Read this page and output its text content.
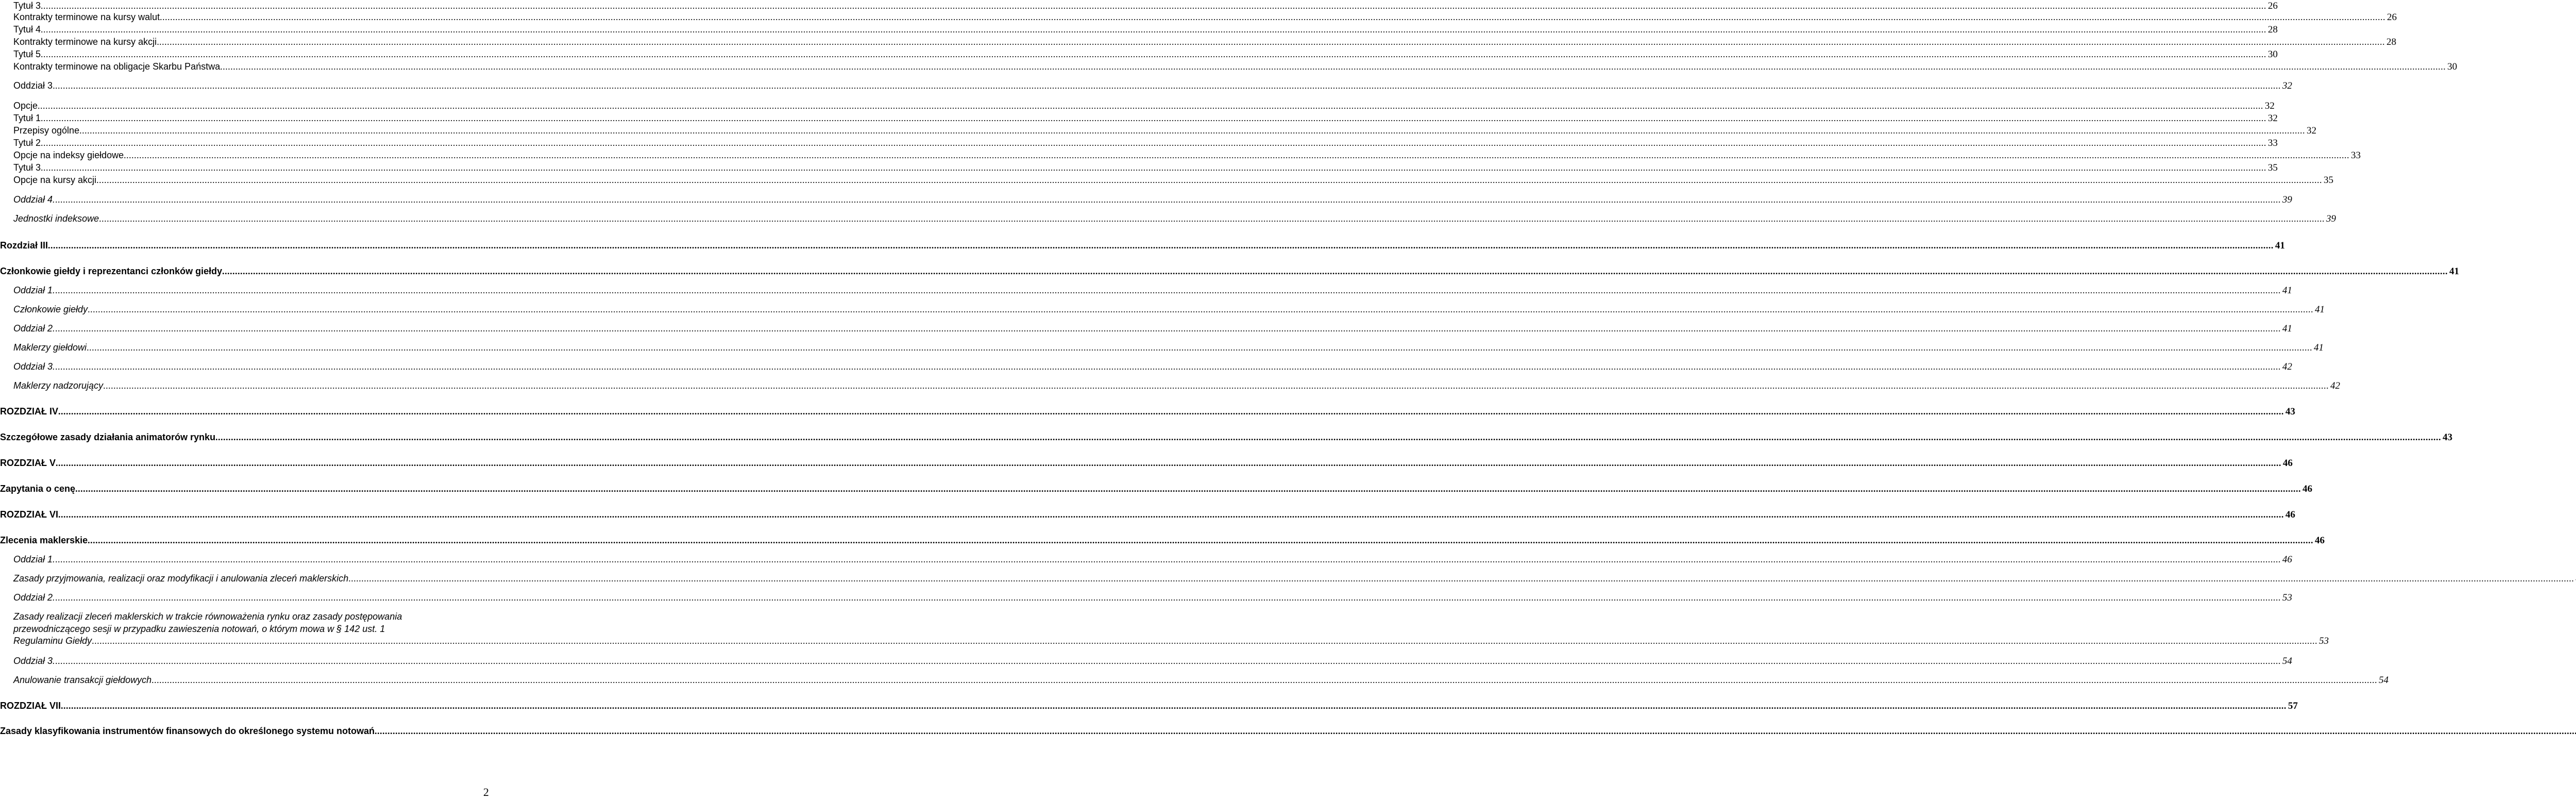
Tytuł 3 .....	26
Kontrakty terminowe na kursy walut .....	26
Tytuł 4 .....	28
Kontrakty terminowe na kursy akcji. .....	28
Tytuł 5 .....	30
Kontrakty terminowe na obligacje Skarbu Państwa .....	30
Oddział 3. .....	32
Opcje .....	32
Tytuł 1 .....	32
Przepisy ogólne .....	32
Tytuł 2 .....	33
Opcje na indeksy giełdowe .....	33
Tytuł 3 .....	35
Opcje na kursy akcji .....	35
Oddział 4. .....	39
Jednostki indeksowe .....	39
Rozdział III .....	41
Członkowie giełdy i reprezentanci członków giełdy .....	41
Oddział 1. .....	41
Członkowie giełdy .....	41
Oddział 2. .....	41
Maklerzy giełdowi .....	41
Oddział 3. .....	42
Maklerzy nadzorujący .....	42
ROZDZIAŁ IV .....	43
Szczegółowe zasady działania animatorów rynku .....	43
ROZDZIAŁ V .....	46
Zapytania o cenę .....	46
ROZDZIAŁ VI .....	46
Zlecenia maklerskie .....	46
Oddział 1. .....	46
Zasady przyjmowania, realizacji oraz modyfikacji i anulowania zleceń maklerskich
.....
Oddział 2. .....	53
Zasady realizacji zleceń maklerskich w trakcie równoważenia rynku oraz zasady postępowania
przewodniczącego sesji w przypadku zawieszenia notowań, o którym mowa w § 142 ust. 1
Regulaminu Giełdy .....	53
Oddział 3. .....	54
Anulowanie transakcji giełdowych .....	54
ROZDZIAŁ VII .....	57
Zasady klasyfikowania instrumentów finansowych do określonego systemu notowań
.....
2
